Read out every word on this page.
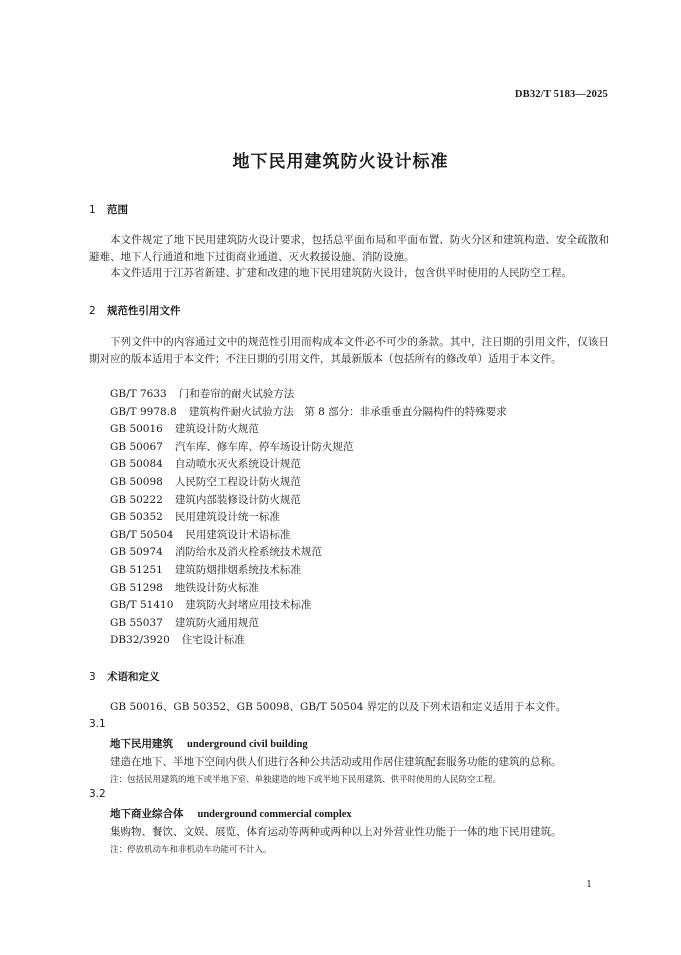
DB32/T 5183—2025
地下民用建筑防火设计标准
1 范围

本文件规定了地下民用建筑防火设计要求，包括总平面布局和平面布置、防火分区和建筑构造、安全疏散和避难、地下人行通道和地下过街商业通道、灭火救援设施、消防设施。

本文件适用于江苏省新建、扩建和改建的地下民用建筑防火设计，包含供平时使用的人民防空工程。

2 规范性引用文件

下列文件中的内容通过文中的规范性引用而构成本文件必不可少的条款。其中，注日期的引用文件，仅该日期对应的版本适用于本文件；不注日期的引用文件，其最新版本（包括所有的修改单）适用于本文件。

GB/T 7633 门和卷帘的耐火试验方法
GB/T 9978.8 建筑构件耐火试验方法　第 8 部分：非承重垂直分隔构件的特殊要求
GB 50016 建筑设计防火规范
GB 50067 汽车库、修车库、停车场设计防火规范
GB 50084 自动喷水灭火系统设计规范
GB 50098 人民防空工程设计防火规范
GB 50222 建筑内部装修设计防火规范
GB 50352 民用建筑设计统一标准
GB/T 50504 民用建筑设计术语标准
GB 50974 消防给水及消火栓系统技术规范
GB 51251 建筑防烟排烟系统技术标准
GB 51298 地铁设计防火标准
GB/T 51410 建筑防火封堵应用技术标准
GB 55037 建筑防火通用规范
DB32/3920 住宅设计标准
3 术语和定义

GB 50016、GB 50352、GB 50098、GB/T 50504 界定的以及下列术语和定义适用于本文件。

3.1
地下民用建筑 underground civil building
建造在地下、半地下空间内供人们进行各种公共活动或用作居住建筑配套服务功能的建筑的总称。
注：包括民用建筑的地下或半地下室、单独建造的地下或半地下民用建筑、供平时使用的人民防空工程。
3.2
地下商业综合体 underground commercial complex
集购物、餐饮、文娱、展览、体育运动等两种或两种以上对外营业性功能于一体的地下民用建筑。
注：停放机动车和非机动车功能可不计入。
1
